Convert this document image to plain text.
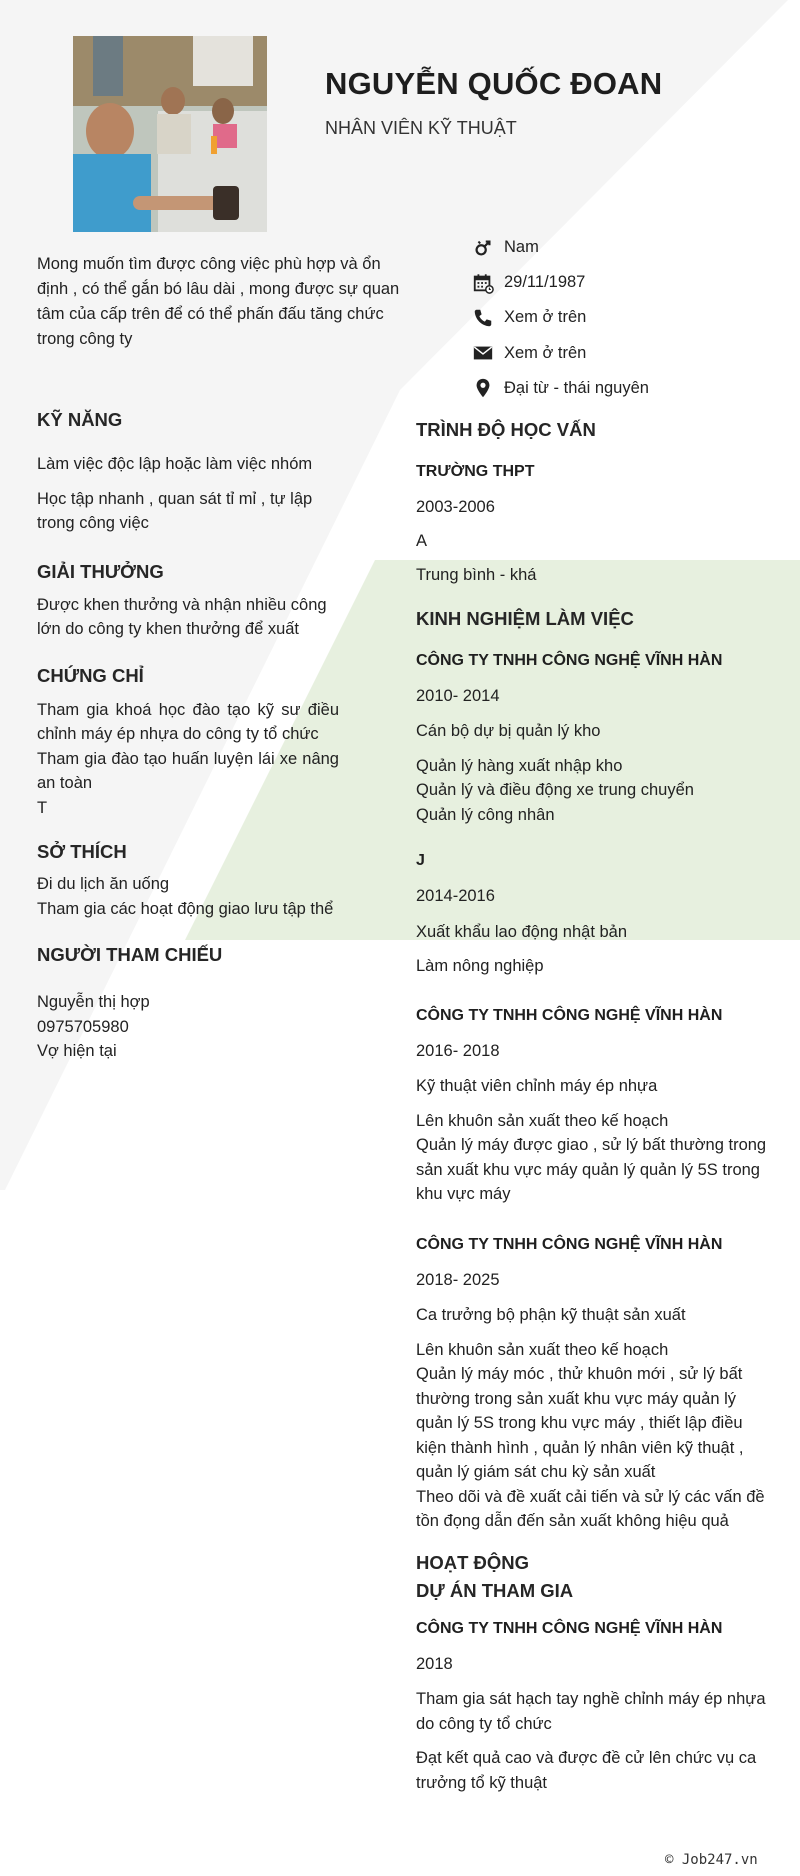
NGUYỄN QUỐC ĐOAN
NHÂN VIÊN KỸ THUẬT

Mong muốn tìm được công việc phù hợp và ổn định , có thể gắn bó lâu dài , mong được sự quan tâm của cấp trên để có thể phấn đấu tăng chức trong công ty

Nam
29/11/1987
Xem ở trên
Xem ở trên
Đại từ - thái nguyên
KỸ NĂNG

Làm việc độc lập hoặc làm việc nhóm

Học tập nhanh , quan sát tỉ mỉ , tự lập trong công việc

GIẢI THƯỞNG

Được khen thưởng và nhận nhiều công lớn do công ty khen thưởng để xuất

CHỨNG CHỈ

Tham gia khoá học đào tạo kỹ sư điều chỉnh máy ép nhựa do công ty tổ chức

Tham gia đào tạo huấn luyện lái xe nâng an toàn

T

SỞ THÍCH

Đi du lịch ăn uống

Tham gia các hoạt động giao lưu tập thể

NGƯỜI THAM CHIẾU

Nguyễn thị hợp

0975705980

Vợ hiện tại

TRÌNH ĐỘ HỌC VẤN

TRƯỜNG THPT

2003-2006

A

Trung bình - khá

KINH NGHIỆM LÀM VIỆC

CÔNG TY TNHH CÔNG NGHỆ VĨNH HÀN

2010- 2014

Cán bộ dự bị quản lý kho

Quản lý hàng xuất nhập kho

Quản lý và điều động xe trung chuyển

Quản lý công nhân

J

2014-2016

Xuất khẩu lao động nhật bản

Làm nông nghiệp

CÔNG TY TNHH CÔNG NGHỆ VĨNH HÀN

2016- 2018

Kỹ thuật viên chỉnh máy ép nhựa

Lên khuôn sản xuất theo kế hoạch

Quản lý máy được giao , sử lý bất thường trong sản xuất khu vực máy quản lý quản lý 5S trong khu vực máy

CÔNG TY TNHH CÔNG NGHỆ VĨNH HÀN

2018- 2025

Ca trưởng bộ phận kỹ thuật sản xuất

Lên khuôn sản xuất theo kế hoạch

Quản lý máy móc , thử khuôn mới , sử lý bất thường trong sản xuất khu vực máy quản lý quản lý 5S trong khu vực máy , thiết lập điều kiện thành hình , quản lý nhân viên kỹ thuật , quản lý giám sát chu kỳ sản xuất

Theo dõi và đề xuất cải tiến và sử lý các vấn đề tồn đọng dẫn đến sản xuất không hiệu quả

HOẠT ĐỘNG
DỰ ÁN THAM GIA

CÔNG TY TNHH CÔNG NGHỆ VĨNH HÀN

2018

Tham gia sát hạch tay nghề chỉnh máy ép nhựa do công ty tổ chức

Đạt kết quả cao và được đề cử lên chức vụ ca trưởng tổ kỹ thuật

© Job247.vn
